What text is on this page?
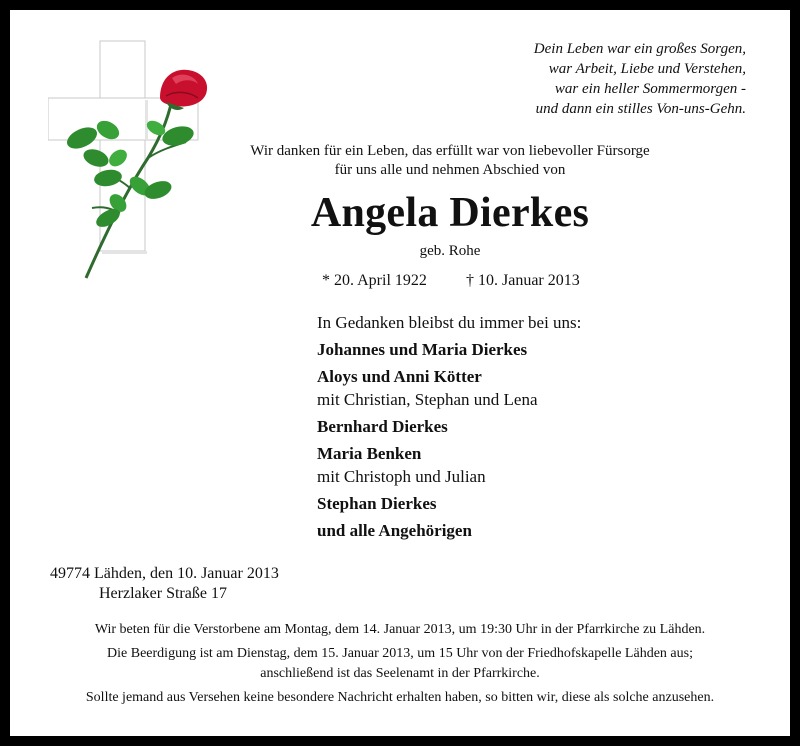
Dein Leben war ein großes Sorgen,
war Arbeit, Liebe und Verstehen,
war ein heller Sommermorgen -
und dann ein stilles Von-uns-Gehn.
Wir danken für ein Leben, das erfüllt war von liebevoller Fürsorge
für uns alle und nehmen Abschied von
Angela Dierkes
geb. Rohe
* 20. April 1922 † 10. Januar 2013
In Gedanken bleibst du immer bei uns:
Johannes und Maria Dierkes
Aloys und Anni Kötter
mit Christian, Stephan und Lena
Bernhard Dierkes
Maria Benken
mit Christoph und Julian
Stephan Dierkes
und alle Angehörigen
49774 Lähden, den 10. Januar 2013
Herzlaker Straße 17
Wir beten für die Verstorbene am Montag, dem 14. Januar 2013, um 19:30 Uhr in der Pfarrkirche zu Lähden.
Die Beerdigung ist am Dienstag, dem 15. Januar 2013, um 15 Uhr von der Friedhofskapelle Lähden aus;
anschließend ist das Seelenamt in der Pfarrkirche.
Sollte jemand aus Versehen keine besondere Nachricht erhalten haben, so bitten wir, diese als solche anzusehen.
